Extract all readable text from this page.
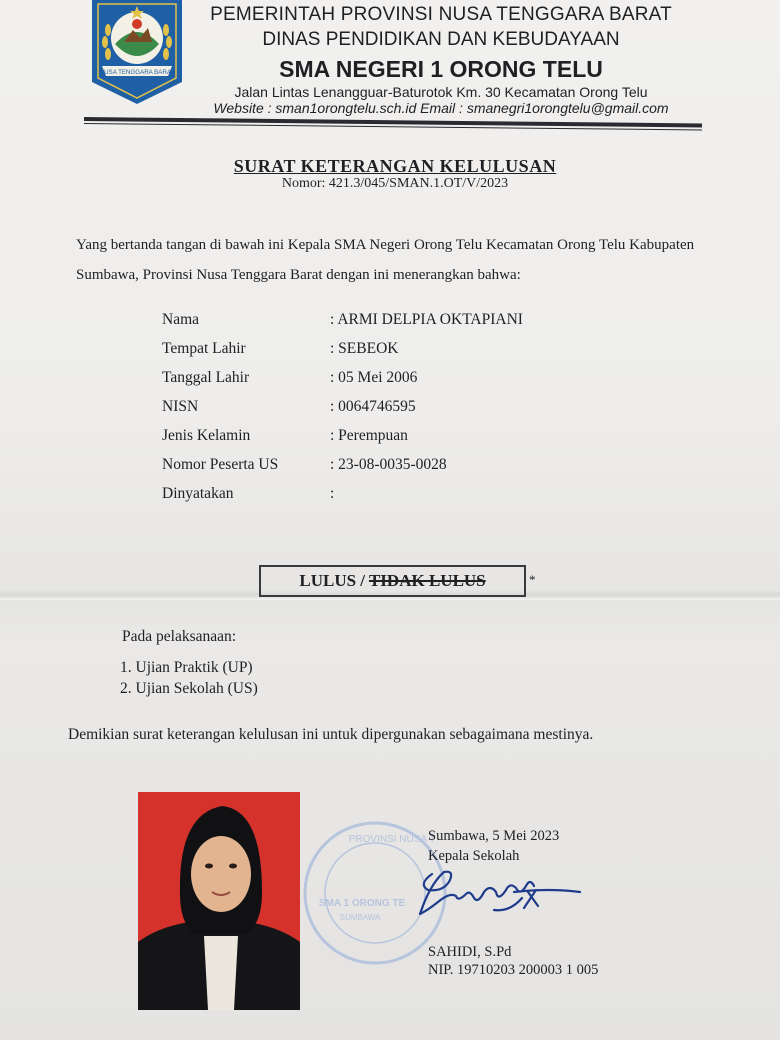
NUSA TENGGARA BARAT
PEMERINTAH PROVINSI NUSA TENGGARA BARAT
DINAS PENDIDIKAN DAN KEBUDAYAAN
SMA NEGERI 1 ORONG TELU
Jalan Lintas Lenangguar-Baturotok Km. 30 Kecamatan Orong Telu
Website : sman1orongtelu.sch.id Email : smanegri1orongtelu@gmail.com
SURAT KETERANGAN KELULUSAN
Nomor: 421.3/045/SMAN.1.OT/V/2023
Yang bertanda tangan di bawah ini Kepala SMA Negeri Orong Telu Kecamatan Orong Telu Kabupaten Sumbawa, Provinsi Nusa Tenggara Barat dengan ini menerangkan bahwa:
Nama	: ARMI DELPIA OKTAPIANI
Tempat Lahir	: SEBEOK
Tanggal Lahir	: 05 Mei 2006
NISN	: 0064746595
Jenis Kelamin	: Perempuan
Nomor Peserta US	: 23-08-0035-0028
Dinyatakan	:
LULUS / TIDAK LULUS	*
Pada pelaksanaan:
1. Ujian Praktik (UP)
2. Ujian Sekolah (US)
Demikian surat keterangan kelulusan ini untuk dipergunakan sebagaimana mestinya.
PROVINSI NUSA T
SMA 1 ORONG TE
SUMBAWA
Sumbawa, 5 Mei 2023
Kepala Sekolah
SAHIDI, S.Pd
NIP. 19710203 200003 1 005
